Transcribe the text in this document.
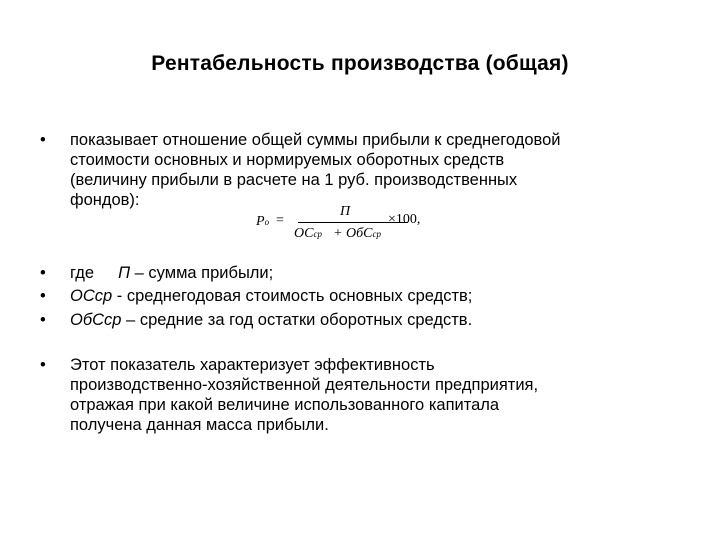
Рентабельность производства (общая)
•	показывает отношение общей суммы прибыли к среднегодовой
стоимости основных и нормируемых оборотных средств
(величину прибыли в расчете на 1 руб. производственных
фондов):
Pо =
П
ОСср + ОбСср
×100,
•	где П – сумма прибыли;
•	ОСср - среднегодовая стоимость основных средств;
•	ОбСср – средние за год остатки оборотных средств.
•	Этот показатель характеризует эффективность
производственно-хозяйственной деятельности предприятия,
отражая при какой величине использованного капитала
получена данная масса прибыли.
